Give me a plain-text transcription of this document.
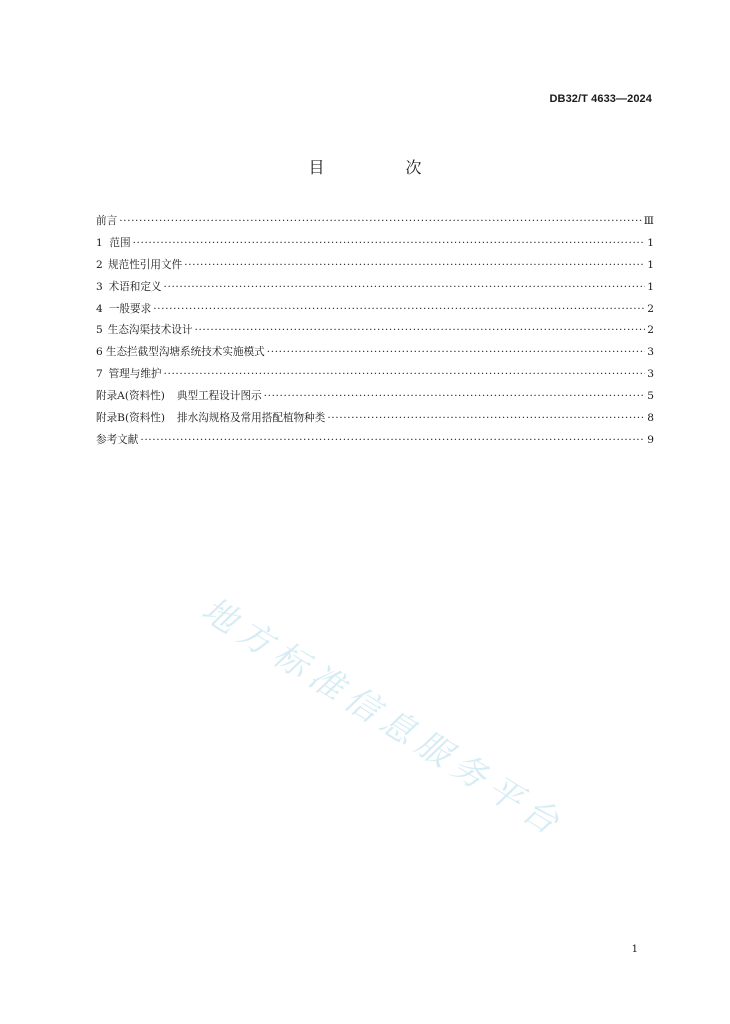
DB32/T 4633—2024
目 次
前言 ·····	Ⅲ
1 范围 ·····	1
2 规范性引用文件 ·····	1
3 术语和定义 ·····	1
4 一般要求 ·····	2
5 生态沟渠技术设计 ·····	2
6 生态拦截型沟塘系统技术实施模式 ·····	3
7 管理与维护 ·····	3
附录A(资料性) 典型工程设计图示 ·····	5
附录B(资料性) 排水沟规格及常用搭配植物种类 ·····	8
参考文献 ·····	9
地方标准信息服务平台
1
